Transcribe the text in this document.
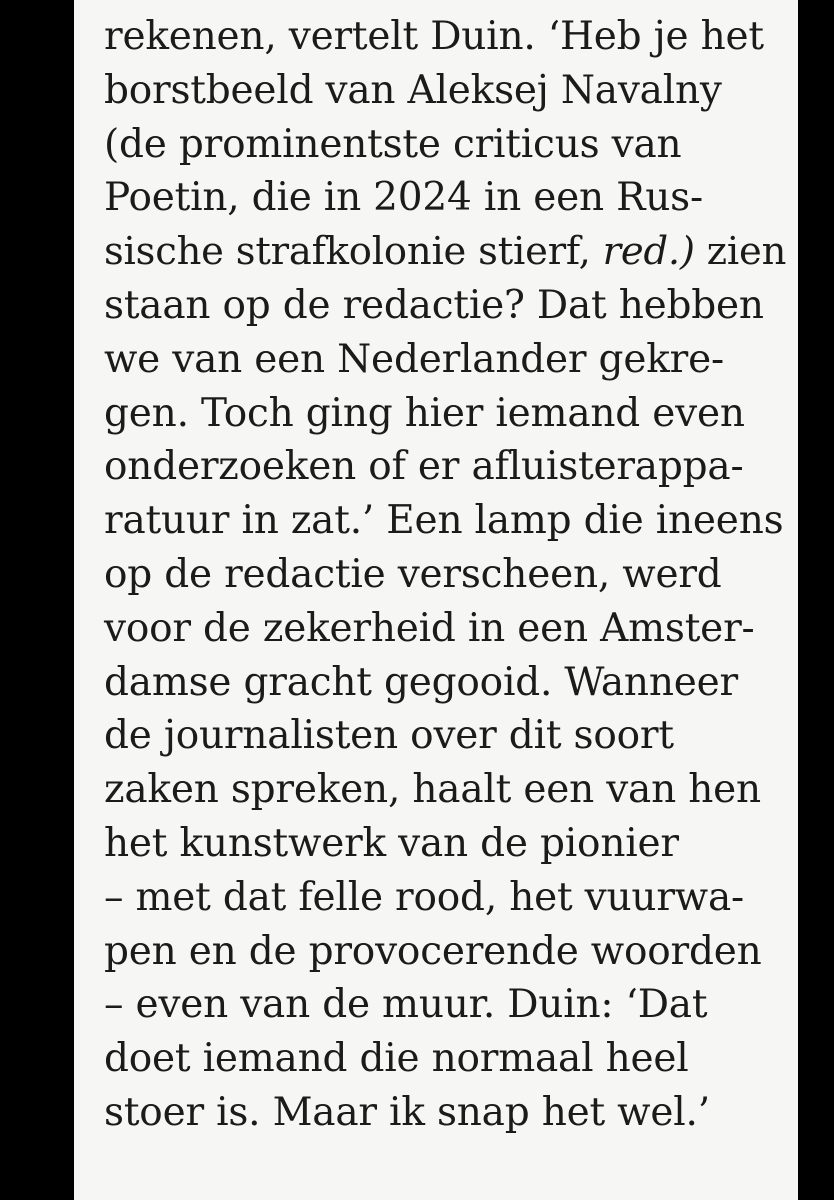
rekenen, vertelt Duin. ‘Heb je het
borstbeeld van Aleksej Navalny
(de prominentste criticus van
Poetin, die in 2024 in een Rus-
sische strafkolonie stierf, red.) zien
staan op de redactie? Dat hebben
we van een Nederlander gekre-
gen. Toch ging hier iemand even
onderzoeken of er afluisterappa-
ratuur in zat.’ Een lamp die ineens
op de redactie verscheen, werd
voor de zekerheid in een Amster-
damse gracht gegooid. Wanneer
de journalisten over dit soort
zaken spreken, haalt een van hen
het kunstwerk van de pionier
– met dat felle rood, het vuurwa-
pen en de provocerende woorden
– even van de muur. Duin: ‘Dat
doet iemand die normaal heel
stoer is. Maar ik snap het wel.’
